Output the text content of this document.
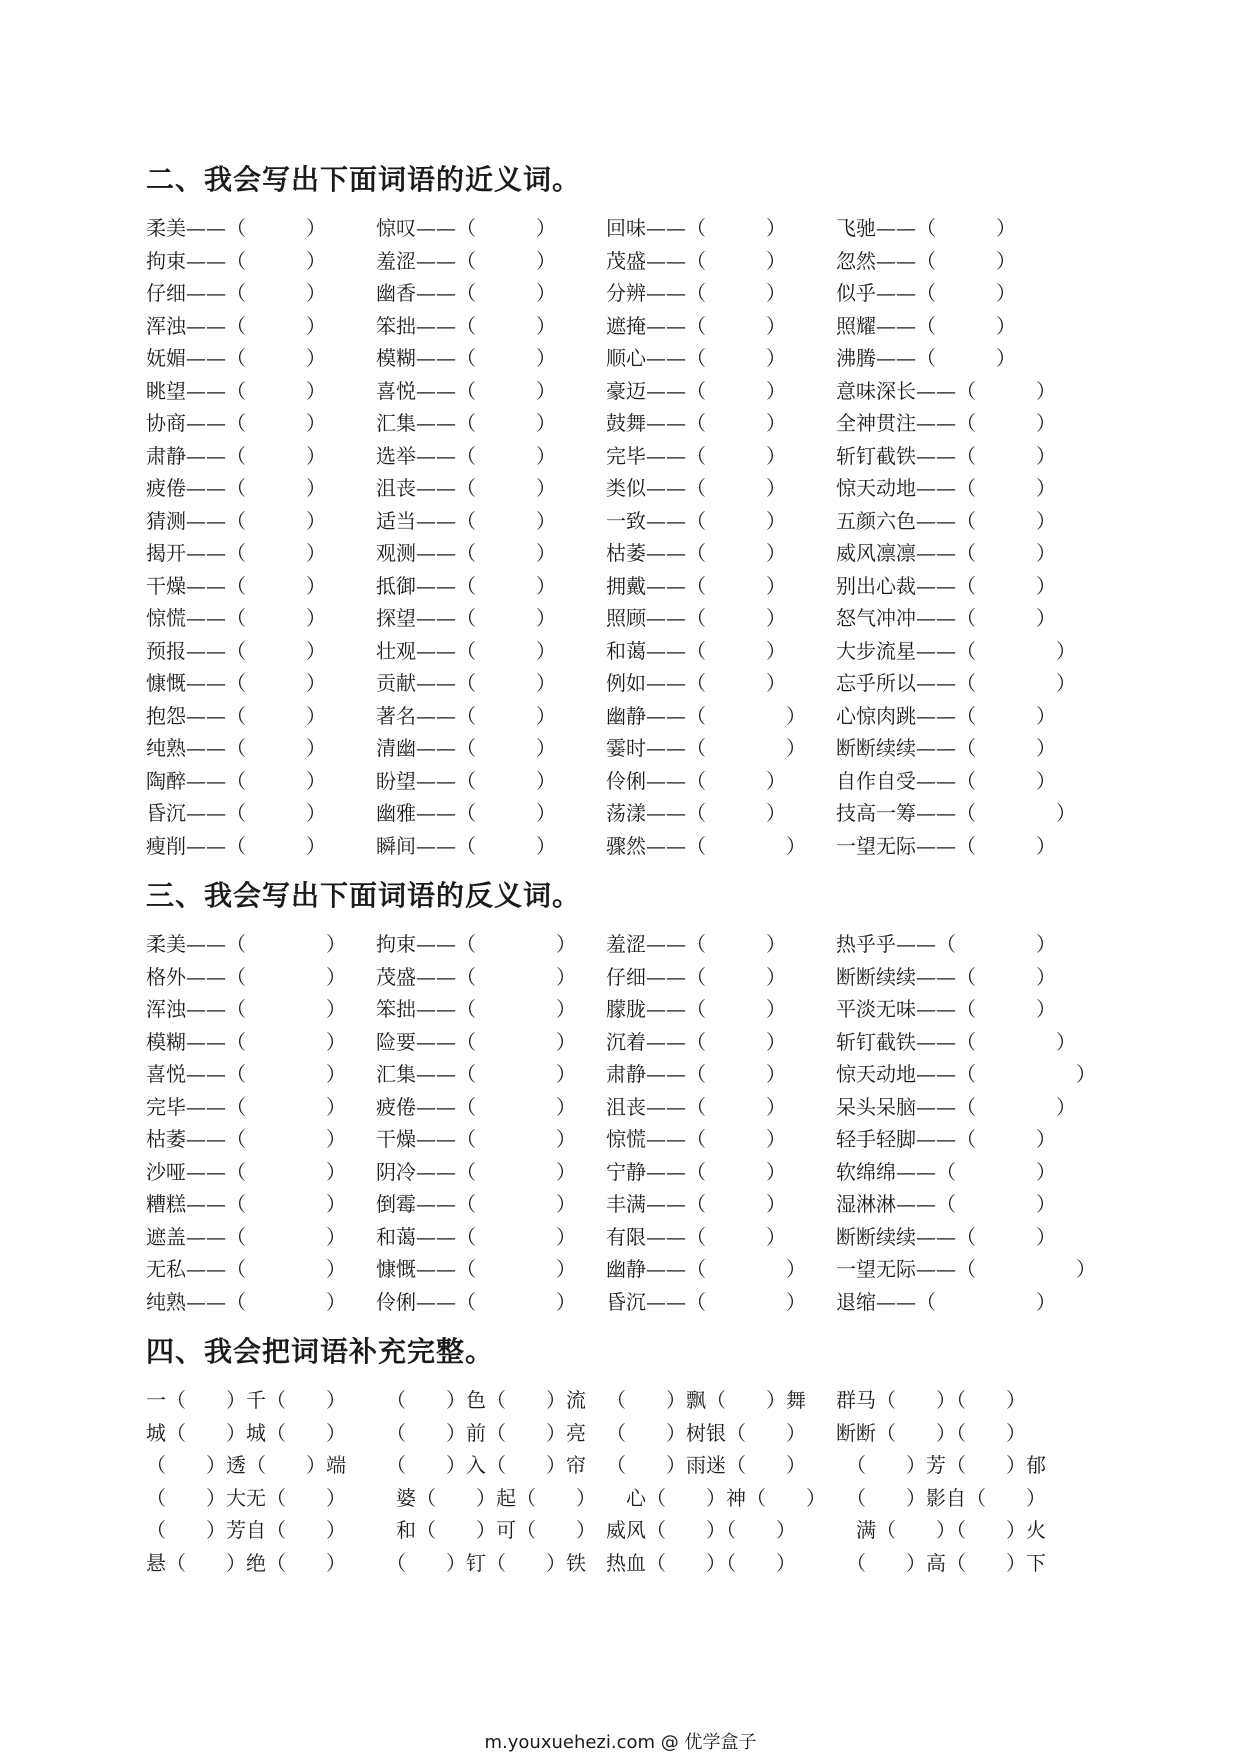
二、我会写出下面词语的近义词。
柔美——（　　　）	惊叹——（　　　）	回味——（　　　）	飞驰——（　　　）
拘束——（　　　）	羞涩——（　　　）	茂盛——（　　　）	忽然——（　　　）
仔细——（　　　）	幽香——（　　　）	分辨——（　　　）	似乎——（　　　）
浑浊——（　　　）	笨拙——（　　　）	遮掩——（　　　）	照耀——（　　　）
妩媚——（　　　）	模糊——（　　　）	顺心——（　　　）	沸腾——（　　　）
眺望——（　　　）	喜悦——（　　　）	豪迈——（　　　）	意味深长——（　　　）
协商——（　　　）	汇集——（　　　）	鼓舞——（　　　）	全神贯注——（　　　）
肃静——（　　　）	选举——（　　　）	完毕——（　　　）	斩钉截铁——（　　　）
疲倦——（　　　）	沮丧——（　　　）	类似——（　　　）	惊天动地——（　　　）
猜测——（　　　）	适当——（　　　）	一致——（　　　）	五颜六色——（　　　）
揭开——（　　　）	观测——（　　　）	枯萎——（　　　）	威风凛凛——（　　　）
干燥——（　　　）	抵御——（　　　）	拥戴——（　　　）	别出心裁——（　　　）
惊慌——（　　　）	探望——（　　　）	照顾——（　　　）	怒气冲冲——（　　　）
预报——（　　　）	壮观——（　　　）	和蔼——（　　　）	大步流星——（　　　　）
慷慨——（　　　）	贡献——（　　　）	例如——（　　　）	忘乎所以——（　　　　）
抱怨——（　　　）	著名——（　　　）	幽静——（　　　　）	心惊肉跳——（　　　）
纯熟——（　　　）	清幽——（　　　）	霎时——（　　　　）	断断续续——（　　　）
陶醉——（　　　）	盼望——（　　　）	伶俐——（　　　）	自作自受——（　　　）
昏沉——（　　　）	幽雅——（　　　）	荡漾——（　　　）	技高一筹——（　　　　）
瘦削——（　　　）	瞬间——（　　　）	骤然——（　　　　）	一望无际——（　　　）
三、我会写出下面词语的反义词。
柔美——（　　　　）	拘束——（　　　　）	羞涩——（　　　）	热乎乎——（　　　　）
格外——（　　　　）	茂盛——（　　　　）	仔细——（　　　）	断断续续——（　　　）
浑浊——（　　　　）	笨拙——（　　　　）	朦胧——（　　　）	平淡无味——（　　　）
模糊——（　　　　）	险要——（　　　　）	沉着——（　　　）	斩钉截铁——（　　　　）
喜悦——（　　　　）	汇集——（　　　　）	肃静——（　　　）	惊天动地——（　　　　　）
完毕——（　　　　）	疲倦——（　　　　）	沮丧——（　　　）	呆头呆脑——（　　　　）
枯萎——（　　　　）	干燥——（　　　　）	惊慌——（　　　）	轻手轻脚——（　　　）
沙哑——（　　　　）	阴冷——（　　　　）	宁静——（　　　）	软绵绵——（　　　　）
糟糕——（　　　　）	倒霉——（　　　　）	丰满——（　　　）	湿淋淋——（　　　　）
遮盖——（　　　　）	和蔼——（　　　　）	有限——（　　　）	断断续续——（　　　）
无私——（　　　　）	慷慨——（　　　　）	幽静——（　　　　）	一望无际——（　　　　　）
纯熟——（　　　　）	伶俐——（　　　　）	昏沉——（　　　　）	退缩——（　　　　　）
四、我会把词语补充完整。
一（　　）千（　　）	　（　　）色（　　）流	（　　）飘（　　）舞	群马（　　）（　　）
城（　　）城（　　）	　（　　）前（　　）亮	（　　）树银（　　）	断断（　　）（　　）
（　　）透（　　）端	　（　　）入（　　）帘	（　　）雨迷（　　）	　（　　）芳（　　）郁
（　　）大无（　　）	　婆（　　）起（　　） 　心（　　）神（　　） 　（　　）影自（　　）
（　　）芳自（　　）	　和（　　）可（　　） 威风（　　）（　　）	　满（　　）（　　）火
悬（　　）绝（　　）	　（　　）钉（　　）铁	热血（　　）（　　）	　（　　）高（　　）下
m.youxuehezi.com @ 优学盒子
